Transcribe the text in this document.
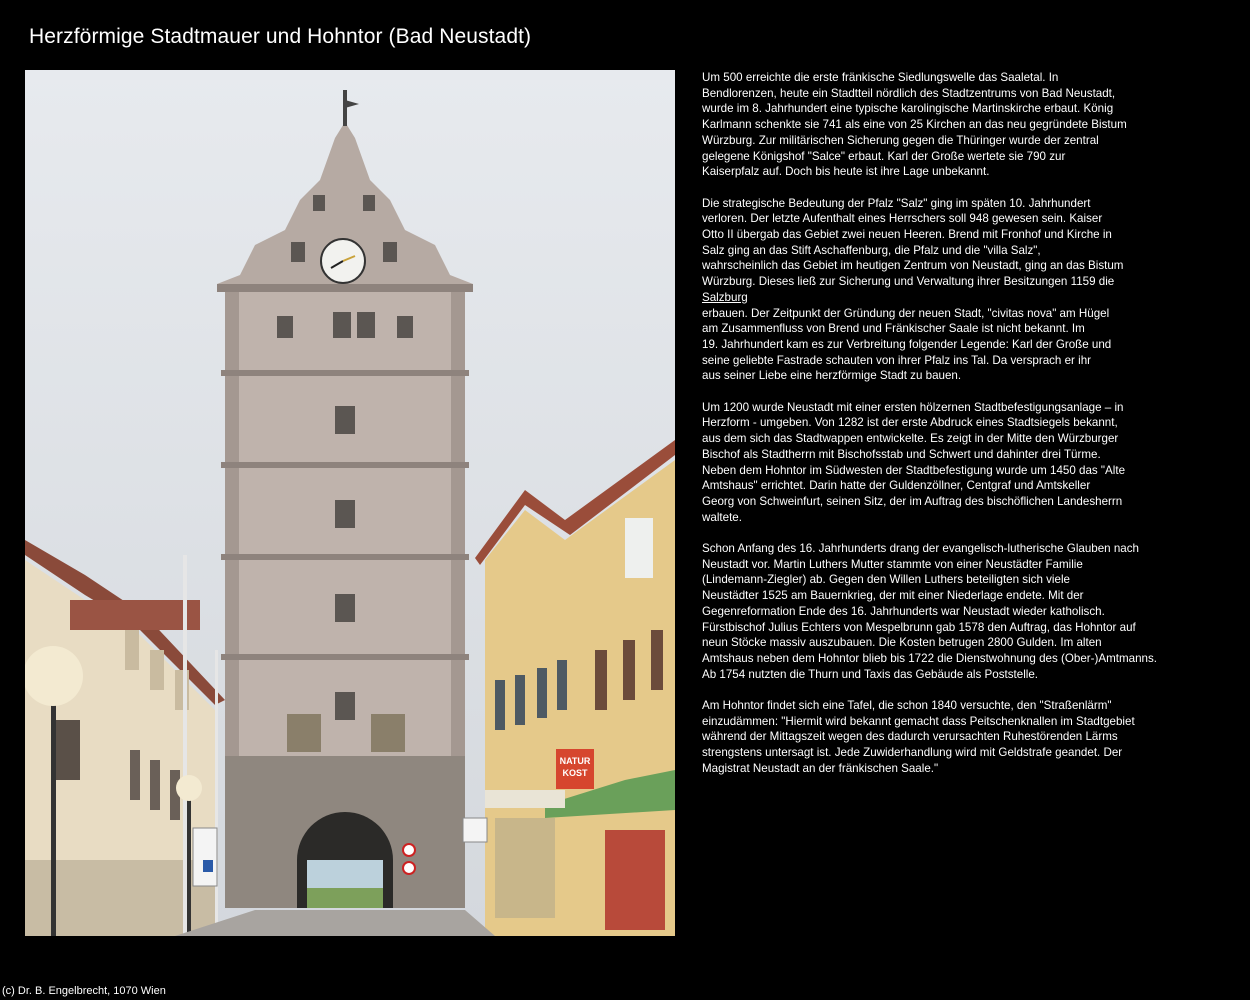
Herzförmige Stadtmauer und Hohntor (Bad Neustadt)
NATUR
KOST

Um 500 erreichte die erste fränkische Siedlungswelle das Saaletal. In
Bendlorenzen, heute ein Stadtteil nördlich des Stadtzentrums von Bad Neustadt,
wurde im 8. Jahrhundert eine typische karolingische Martinskirche erbaut. König
Karlmann schenkte sie 741 als eine von 25 Kirchen an das neu gegründete Bistum
Würzburg. Zur militärischen Sicherung gegen die Thüringer wurde der zentral
gelegene Königshof "Salce" erbaut. Karl der Große wertete sie 790 zur
Kaiserpfalz auf. Doch bis heute ist ihre Lage unbekannt.

Die strategische Bedeutung der Pfalz "Salz" ging im späten 10. Jahrhundert
verloren. Der letzte Aufenthalt eines Herrschers soll 948 gewesen sein. Kaiser
Otto II übergab das Gebiet zwei neuen Heeren. Brend mit Fronhof und Kirche in
Salz ging an das Stift Aschaffenburg, die Pfalz und die "villa Salz",
wahrscheinlich das Gebiet im heutigen Zentrum von Neustadt, ging an das Bistum
Würzburg. Dieses ließ zur Sicherung und Verwaltung ihrer Besitzungen 1159 die
Salzburg
erbauen. Der Zeitpunkt der Gründung der neuen Stadt, "civitas nova" am Hügel
am Zusammenfluss von Brend und Fränkischer Saale ist nicht bekannt. Im
19. Jahrhundert kam es zur Verbreitung folgender Legende: Karl der Große und
seine geliebte Fastrade schauten von ihrer Pfalz ins Tal. Da versprach er ihr
aus seiner Liebe eine herzförmige Stadt zu bauen.

Um 1200 wurde Neustadt mit einer ersten hölzernen Stadtbefestigungsanlage – in
Herzform - umgeben. Von 1282 ist der erste Abdruck eines Stadtsiegels bekannt,
aus dem sich das Stadtwappen entwickelte. Es zeigt in der Mitte den Würzburger
Bischof als Stadtherrn mit Bischofsstab und Schwert und dahinter drei Türme.
Neben dem Hohntor im Südwesten der Stadtbefestigung wurde um 1450 das "Alte
Amtshaus" errichtet. Darin hatte der Guldenzöllner, Centgraf und Amtskeller
Georg von Schweinfurt, seinen Sitz, der im Auftrag des bischöflichen Landesherrn
waltete.

Schon Anfang des 16. Jahrhunderts drang der evangelisch-lutherische Glauben nach
Neustadt vor. Martin Luthers Mutter stammte von einer Neustädter Familie
(Lindemann-Ziegler) ab. Gegen den Willen Luthers beteiligten sich viele
Neustädter 1525 am Bauernkrieg, der mit einer Niederlage endete. Mit der
Gegenreformation Ende des 16. Jahrhunderts war Neustadt wieder katholisch.
Fürstbischof Julius Echters von Mespelbrunn gab 1578 den Auftrag, das Hohntor auf
neun Stöcke massiv auszubauen. Die Kosten betrugen 2800 Gulden. Im alten
Amtshaus neben dem Hohntor blieb bis 1722 die Dienstwohnung des (Ober-)Amtmanns.
Ab 1754 nutzten die Thurn und Taxis das Gebäude als Poststelle.

Am Hohntor findet sich eine Tafel, die schon 1840 versuchte, den "Straßenlärm"
einzudämmen: "Hiermit wird bekannt gemacht dass Peitschenknallen im Stadtgebiet
während der Mittagszeit wegen des dadurch verursachten Ruhestörenden Lärms
strengstens untersagt ist. Jede Zuwiderhandlung wird mit Geldstrafe geandet. Der
Magistrat Neustadt an der fränkischen Saale."

(c) Dr. B. Engelbrecht, 1070 Wien
